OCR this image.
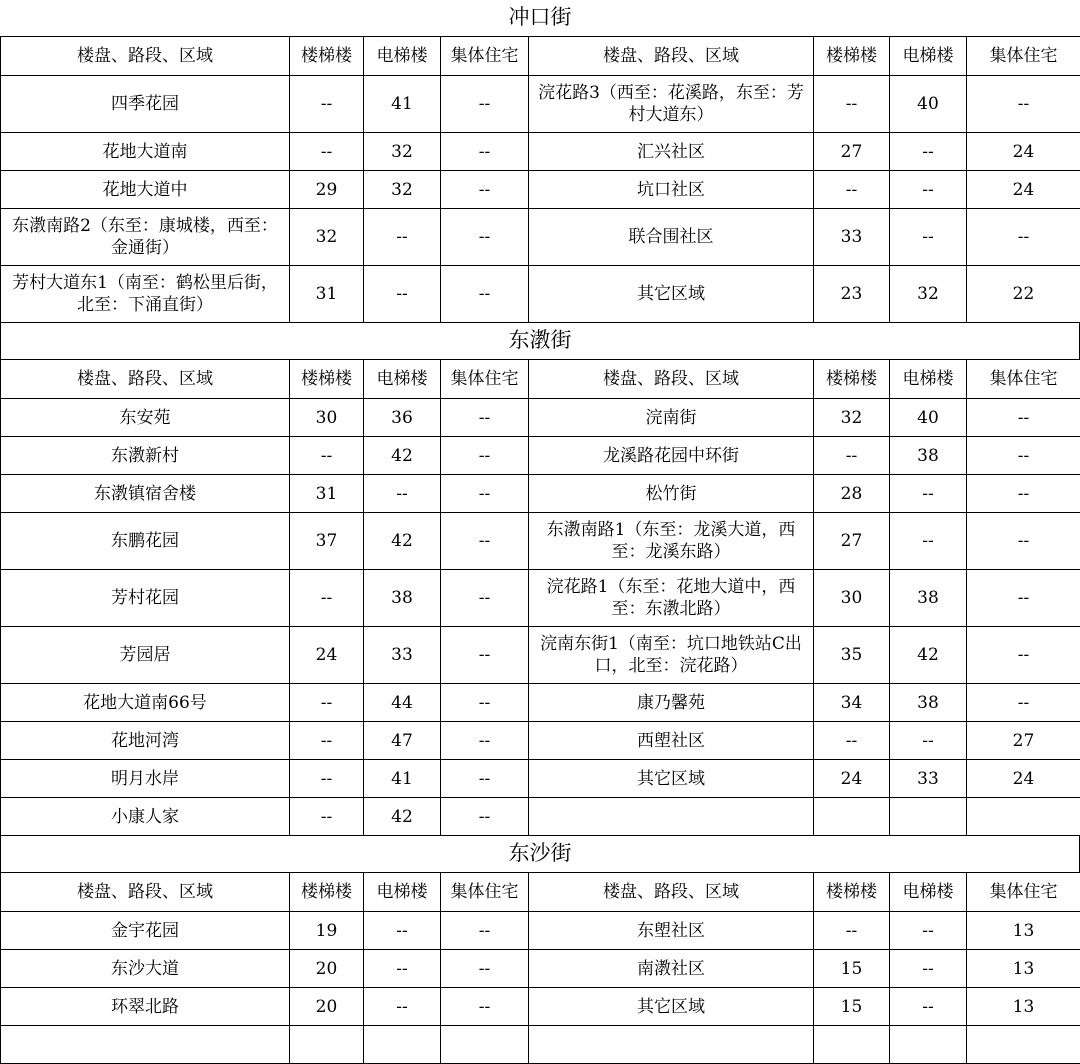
冲口街
楼盘、路段、区域	楼梯楼	电梯楼	集体住宅	楼盘、路段、区域	楼梯楼	电梯楼	集体住宅
四季花园	--	41	--	浣花路3（西至：花溪路，东至：芳村大道东）	--	40	--
花地大道南	--	32	--	汇兴社区	27	--	24
花地大道中	29	32	--	坑口社区	--	--	24
东漖南路2（东至：康城楼，西至：金通街）	32	--	--	联合围社区	33	--	--
芳村大道东1（南至：鹤松里后街，北至：下涌直街）	31	--	--	其它区域	23	32	22
东漖街
楼盘、路段、区域	楼梯楼	电梯楼	集体住宅	楼盘、路段、区域	楼梯楼	电梯楼	集体住宅
东安苑	30	36	--	浣南街	32	40	--
东漖新村	--	42	--	龙溪路花园中环街	--	38	--
东漖镇宿舍楼	31	--	--	松竹街	28	--	--
东鹏花园	37	42	--	东漖南路1（东至：龙溪大道，西至：龙溪东路）	27	--	--
芳村花园	--	38	--	浣花路1（东至：花地大道中，西至：东漖北路）	30	38	--
芳园居	24	33	--	浣南东街1（南至：坑口地铁站C出口，北至：浣花路）	35	42	--
花地大道南66号	--	44	--	康乃馨苑	34	38	--
花地河湾	--	47	--	西塱社区	--	--	27
明月水岸	--	41	--	其它区域	24	33	24
小康人家	--	42	--				
东沙街
楼盘、路段、区域	楼梯楼	电梯楼	集体住宅	楼盘、路段、区域	楼梯楼	电梯楼	集体住宅
金宇花园	19	--	--	东塱社区	--	--	13
东沙大道	20	--	--	南漖社区	15	--	13
环翠北路	20	--	--	其它区域	15	--	13
